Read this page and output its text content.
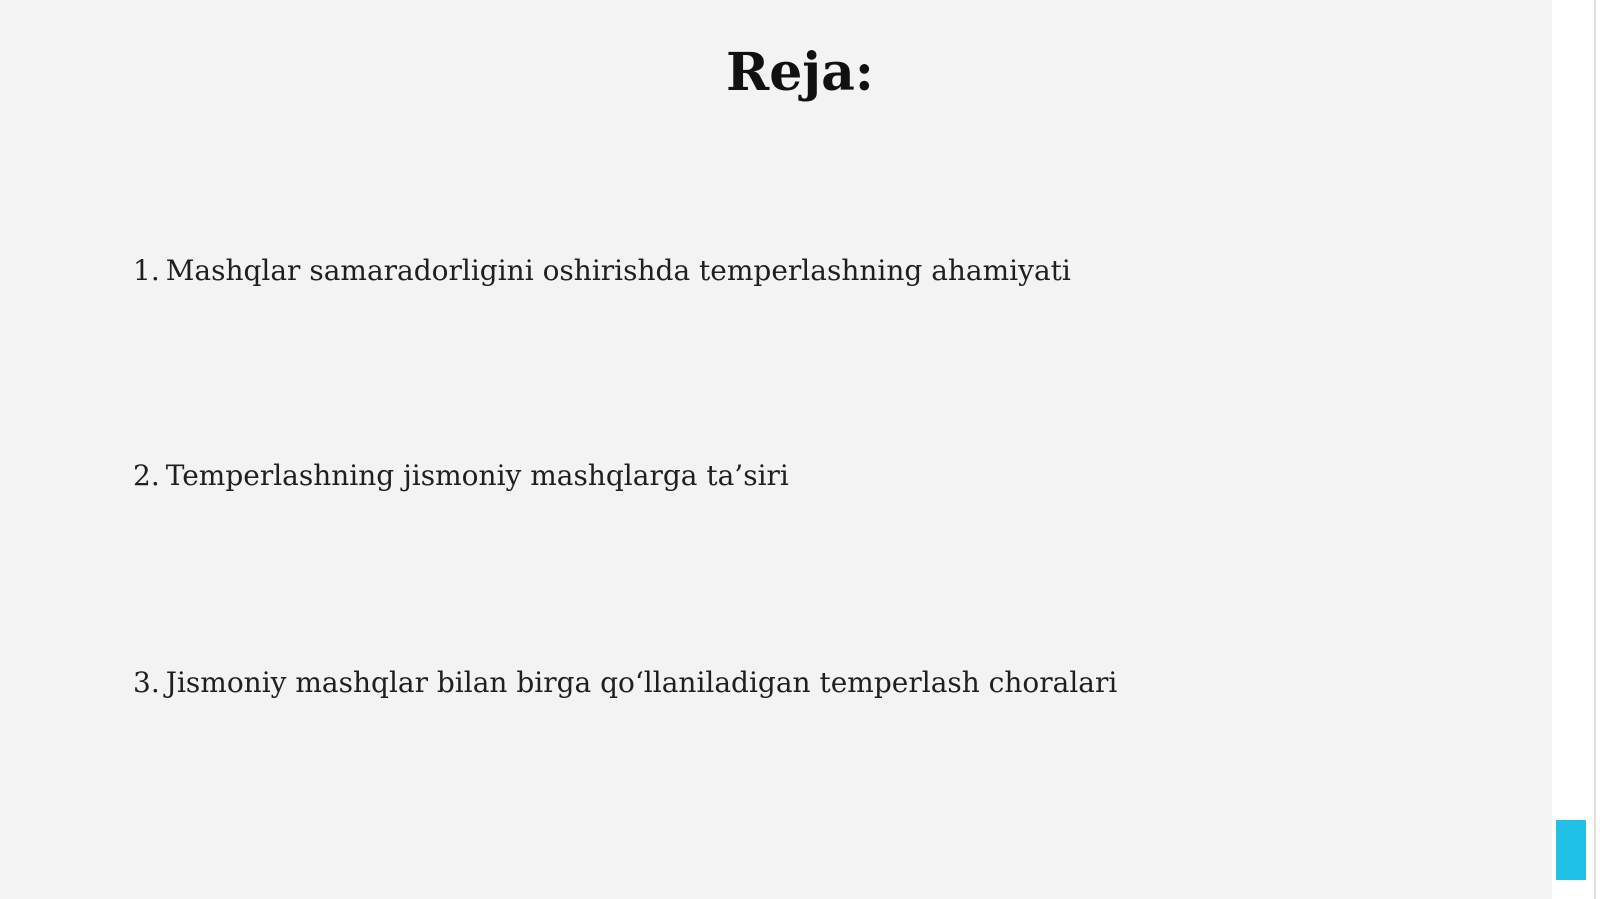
Reja:
1. Mashqlar samaradorligini oshirishda temperlashning ahamiyati
2. Temperlashning jismoniy mashqlarga ta’siri
3. Jismoniy mashqlar bilan birga qo‘llaniladigan temperlash choralari
